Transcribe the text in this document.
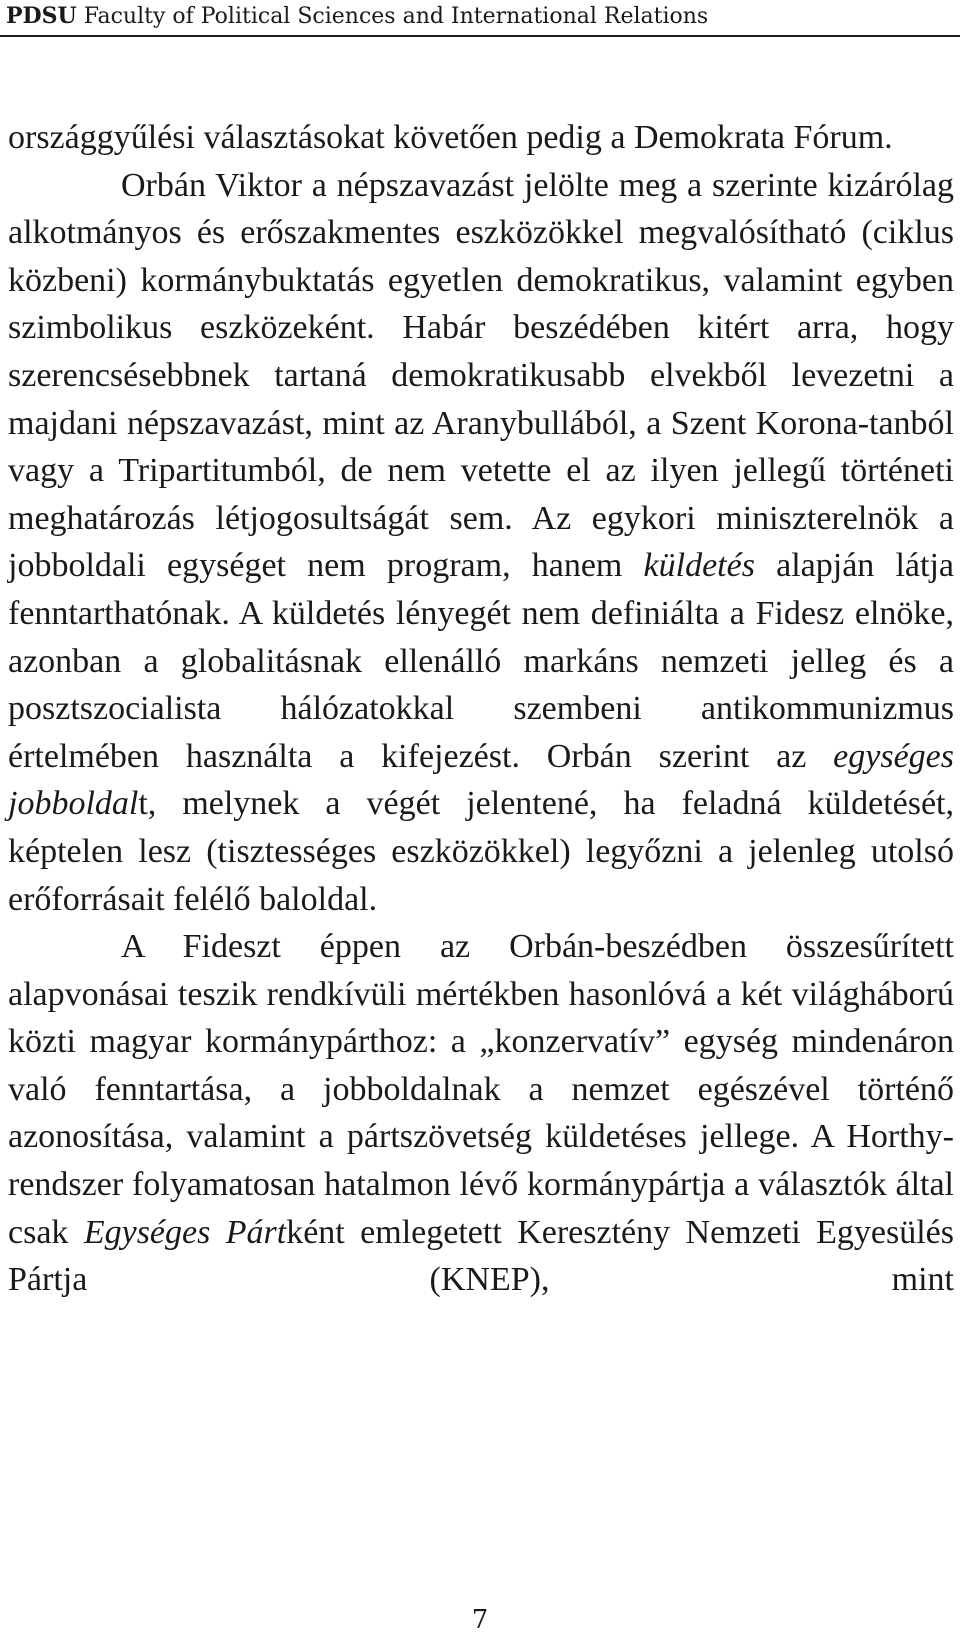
PDSU Faculty of Political Sciences and International Relations

országgyűlési választásokat követően pedig a Demokrata Fórum.

Orbán Viktor a népszavazást jelölte meg a szerinte kizárólag alkotmányos és erőszakmentes eszközökkel megvalósítható (ciklus közbeni) kormánybuktatás egyetlen demokratikus, valamint egyben szimbolikus eszközeként. Habár beszédében kitért arra, hogy szerencsésebbnek tartaná demokratikusabb elvekből levezetni a majdani népszavazást, mint az Aranybullából, a Szent Korona-tanból vagy a Tripartitumból, de nem vetette el az ilyen jellegű történeti meghatározás létjogosultságát sem. Az egykori miniszterelnök a jobboldali egységet nem program, hanem küldetés alapján látja fenntarthatónak. A küldetés lényegét nem definiálta a Fidesz elnöke, azonban a globalitásnak ellenálló markáns nemzeti jelleg és a posztszocialista hálózatokkal szembeni antikommunizmus értelmében használta a kifejezést. Orbán szerint az egységes jobboldalt, melynek a végét jelentené, ha feladná küldetését, képtelen lesz (tisztességes eszközökkel) legyőzni a jelenleg utolsó erőforrásait felélő baloldal.

A Fideszt éppen az Orbán-beszédben összesűrített alapvonásai teszik rendkívüli mértékben hasonlóvá a két világháború közti magyar kormánypárthoz: a „konzervatív” egység mindenáron való fenntartása, a jobboldalnak a nemzet egészével történő azonosítása, valamint a pártszövetség küldetéses jellege. A Horthy-rendszer folyamatosan hatalmon lévő kormánypártja a választók által csak Egységes Pártként emlegetett Keresztény Nemzeti Egyesülés Pártja (KNEP), mint

7
